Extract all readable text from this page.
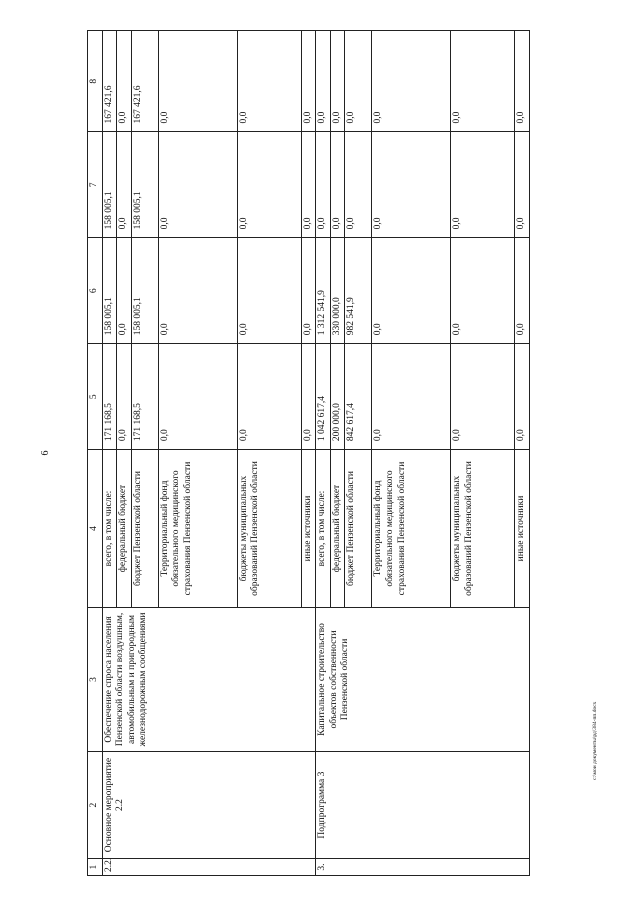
6
c:\мои документы\рд\384-пп.docx
1	2	3	4	5	6	7	8
2.2.	Основное мероприятие 2.2	Обеспечение спроса населения Пензенской области воздушным, автомобильным и пригородным железнодорожным сообщениями	всего, в том числе:	171 168,5	158 005,1	158 005,1	167 421,6
			федеральный бюджет	0,0	0,0	0,0	0,0
			бюджет Пензенской области	171 168,5	158 005,1	158 005,1	167 421,6
			Территориальный фонд обязательного медицинского страхования Пензенской области	0,0	0,0	0,0	0,0
			бюджеты муниципальных образований Пензенской области	0,0	0,0	0,0	0,0
			иные источники	0,0	0,0	0,0	0,0
3.	Подпрограмма 3	Капитальное строительство объектов собственности Пензенской области	всего, в том числе:	1 042 617,4	1 312 541,9	0,0	0,0
			федеральный бюджет	200 000,0	330 000,0	0,0	0,0
			бюджет Пензенской области	842 617,4	982 541,9	0,0	0,0
			Территориальный фонд обязательного медицинского страхования Пензенской области	0,0	0,0	0,0	0,0
			бюджеты муниципальных образований Пензенской области	0,0	0,0	0,0	0,0
			иные источники	0,0	0,0	0,0	0,0
